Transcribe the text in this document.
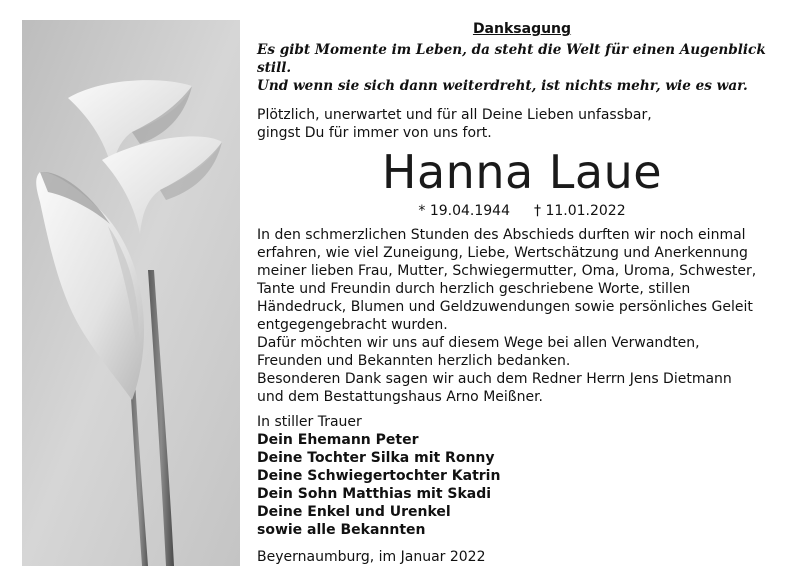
Danksagung
Es gibt Momente im Leben, da steht die Welt für einen Augenblick still.
Und wenn sie sich dann weiterdreht, ist nichts mehr, wie es war.
Plötzlich, unerwartet und für all Deine Lieben unfassbar,
gingst Du für immer von uns fort.
Hanna Laue
* 19.04.1944 † 11.01.2022
In den schmerzlichen Stunden des Abschieds durften wir noch einmal
erfahren, wie viel Zuneigung, Liebe, Wertschätzung und Anerkennung
meiner lieben Frau, Mutter, Schwiegermutter, Oma, Uroma, Schwester,
Tante und Freundin durch herzlich geschriebene Worte, stillen
Händedruck, Blumen und Geldzuwendungen sowie persönliches Geleit
entgegengebracht wurden.
Dafür möchten wir uns auf diesem Wege bei allen Verwandten,
Freunden und Bekannten herzlich bedanken.
Besonderen Dank sagen wir auch dem Redner Herrn Jens Dietmann
und dem Bestattungshaus Arno Meißner.
In stiller Trauer
Dein Ehemann Peter
Deine Tochter Silka mit Ronny
Deine Schwiegertochter Katrin
Dein Sohn Matthias mit Skadi
Deine Enkel und Urenkel
sowie alle Bekannten
Beyernaumburg, im Januar 2022
